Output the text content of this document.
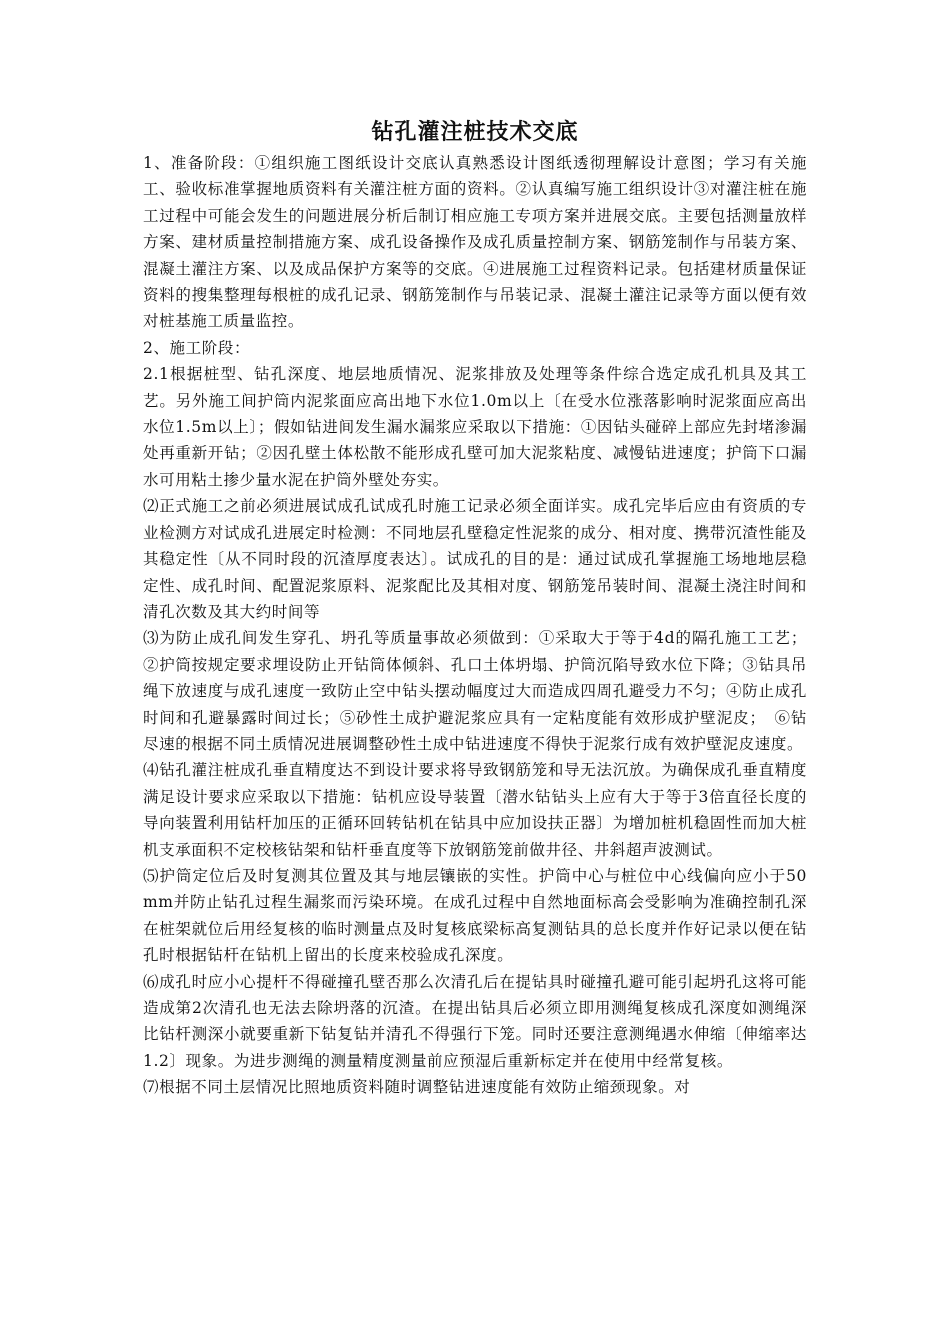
钻孔灌注桩技术交底

1、准备阶段：①组织施工图纸设计交底认真熟悉设计图纸透彻理解设计意图；学习有关施工、验收标准掌握地质资料有关灌注桩方面的资料。②认真编写施工组织设计③对灌注桩在施工过程中可能会发生的问题进展分析后制订相应施工专项方案并进展交底。主要包括测量放样方案、建材质量控制措施方案、成孔设备操作及成孔质量控制方案、钢筋笼制作与吊装方案、混凝土灌注方案、以及成品保护方案等的交底。④进展施工过程资料记录。包括建材质量保证资料的搜集整理每根桩的成孔记录、钢筋笼制作与吊装记录、混凝土灌注记录等方面以便有效对桩基施工质量监控。

2、施工阶段：

2.1根据桩型、钻孔深度、地层地质情况、泥浆排放及处理等条件综合选定成孔机具及其工艺。另外施工间护筒内泥浆面应高出地下水位1.0m以上〔在受水位涨落影响时泥浆面应高出水位1.5m以上〕；假如钻进间发生漏水漏浆应采取以下措施：①因钻头碰碎上部应先封堵渗漏处再重新开钻；②因孔壁土体松散不能形成孔壁可加大泥浆粘度、减慢钻进速度；护筒下口漏水可用粘土掺少量水泥在护筒外壁处夯实。

⑵正式施工之前必须进展试成孔试成孔时施工记录必须全面详实。成孔完毕后应由有资质的专业检测方对试成孔进展定时检测：不同地层孔壁稳定性泥浆的成分、相对度、携带沉渣性能及其稳定性〔从不同时段的沉渣厚度表达〕。试成孔的目的是：通过试成孔掌握施工场地地层稳定性、成孔时间、配置泥浆原料、泥浆配比及其相对度、钢筋笼吊装时间、混凝土浇注时间和清孔次数及其大约时间等

⑶为防止成孔间发生穿孔、坍孔等质量事故必须做到：①采取大于等于4d的隔孔施工工艺；②护筒按规定要求埋设防止开钻筒体倾斜、孔口土体坍塌、护筒沉陷导致水位下降；③钻具吊绳下放速度与成孔速度一致防止空中钻头摆动幅度过大而造成四周孔避受力不匀；④防止成孔时间和孔避暴露时间过长；⑤砂性土成护避泥浆应具有一定粘度能有效形成护壁泥皮；　⑥钻尽速的根据不同土质情况进展调整砂性土成中钻进速度不得快于泥浆行成有效护壁泥皮速度。

⑷钻孔灌注桩成孔垂直精度达不到设计要求将导致钢筋笼和导无法沉放。为确保成孔垂直精度满足设计要求应采取以下措施：钻机应设导装置〔潜水钻钻头上应有大于等于3倍直径长度的导向装置利用钻杆加压的正循环回转钻机在钻具中应加设扶正器〕为增加桩机稳固性而加大桩机支承面积不定校核钻架和钻杆垂直度等下放钢筋笼前做井径、井斜超声波测试。

⑸护筒定位后及时复测其位置及其与地层镶嵌的实性。护筒中心与桩位中心线偏向应小于50mm并防止钻孔过程生漏浆而污染环境。在成孔过程中自然地面标高会受影响为准确控制孔深在桩架就位后用经复核的临时测量点及时复核底梁标高复测钻具的总长度并作好记录以便在钻孔时根据钻杆在钻机上留出的长度来校验成孔深度。

⑹成孔时应小心提杆不得碰撞孔壁否那么次清孔后在提钻具时碰撞孔避可能引起坍孔这将可能造成第2次清孔也无法去除坍落的沉渣。在提出钻具后必须立即用测绳复核成孔深度如测绳深比钻杆测深小就要重新下钻复钻并清孔不得强行下笼。同时还要注意测绳遇水伸缩〔伸缩率达1.2〕现象。为进步测绳的测量精度测量前应预湿后重新标定并在使用中经常复核。

⑺根据不同土层情况比照地质资料随时调整钻进速度能有效防止缩颈现象。对
